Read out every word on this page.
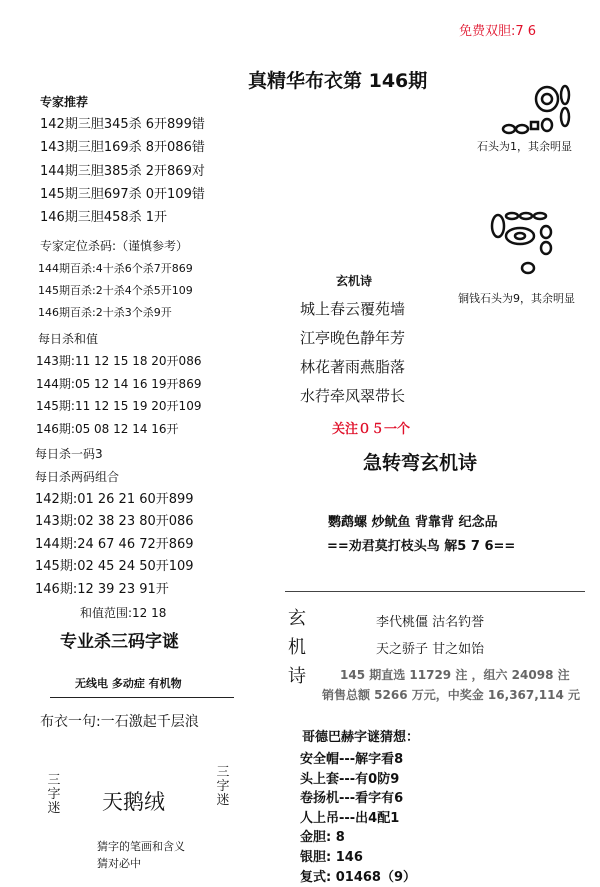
免费双胆:7 6
真精华布衣第 146期
石头为1，其余明显
铜钱石头为9，其余明显
专家推荐
142期三胆345杀 6开899错
143期三胆169杀 8开086错
144期三胆385杀 2开869对
145期三胆697杀 0开109错
146期三胆458杀 1开
专家定位杀码:（谨慎参考）
144期百杀:4十杀6个杀7开869
145期百杀:2十杀4个杀5开109
146期百杀:2十杀3个杀9开
每日杀和值
143期:11 12 15 18 20开086
144期:05 12 14 16 19开869
145期:11 12 15 19 20开109
146期:05 08 12 14 16开
每日杀一码3
每日杀两码组合
142期:01 26 21 60开899
143期:02 38 23 80开086
144期:24 67 46 72开869
145期:02 45 24 50开109
146期:12 39 23 91开
和值范围:12 18
专业杀三码字谜
无线电 多动症 有机物
布衣一句:一石激起千层浪
三
字
迷
三
字
迷
天鹅绒
猜字的笔画和含义
猜对必中
玄机诗
城上春云覆苑墙
江亭晚色静年芳
林花著雨燕脂落
水荇牵风翠带长
关注０５一个
急转弯玄机诗
鹦鹉螺 炒鱿鱼 背靠背 纪念品
==劝君莫打枝头鸟 解5 7 6==
玄
机
诗
李代桃僵 沽名钓誉
天之骄子 甘之如饴
145 期直选 11729 注 ，组六 24098 注
销售总额 5266 万元，中奖金 16,367,114 元
哥德巴赫字谜猜想：
安全帽---解字看8
头上套---有0防9
卷扬机---看字有6
人上吊---出4配1
金胆: 8
银胆: 146
复式: 01468（9）
